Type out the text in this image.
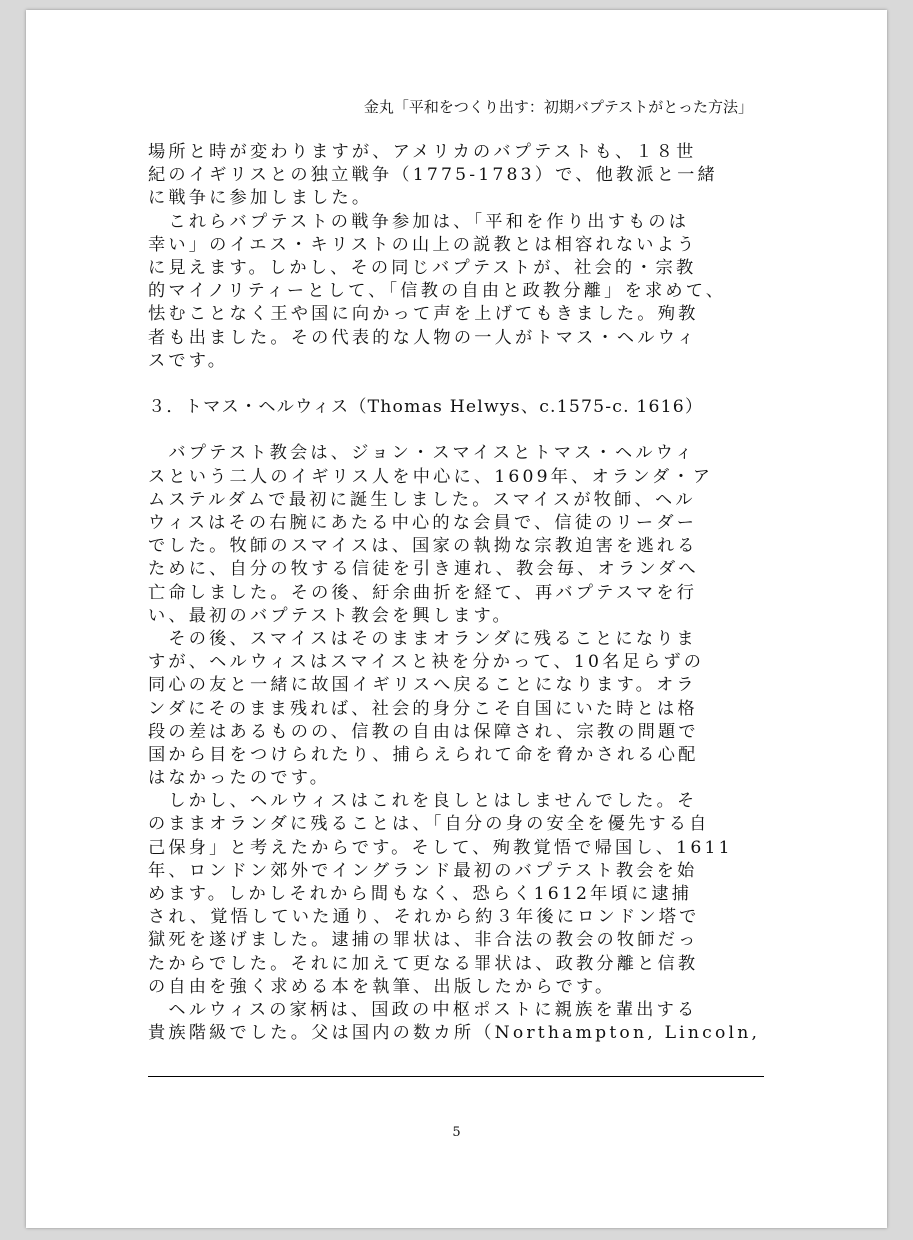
金丸「平和をつくり出す：初期バプテストがとった方法」
場所と時が変わりますが、アメリカのバプテストも、１８世
紀のイギリスとの独立戦争（1775‐1783）で、他教派と一緒
に戦争に参加しました。
　これらバプテストの戦争参加は、「平和を作り出すものは
幸い」のイエス・キリストの山上の説教とは相容れないよう
に見えます。しかし、その同じバプテストが、社会的・宗教
的マイノリティーとして、「信教の自由と政教分離」を求めて、
怯むことなく王や国に向かって声を上げてもきました。殉教
者も出ました。その代表的な人物の一人がトマス・ヘルウィ
スです。
３．トマス・ヘルウィス（Thomas Helwys、c.1575-c. 1616）
　バプテスト教会は、ジョン・スマイスとトマス・ヘルウィ
スという二人のイギリス人を中心に、1609年、オランダ・ア
ムステルダムで最初に誕生しました。スマイスが牧師、ヘル
ウィスはその右腕にあたる中心的な会員で、信徒のリーダー
でした。牧師のスマイスは、国家の執拗な宗教迫害を逃れる
ために、自分の牧する信徒を引き連れ、教会毎、オランダへ
亡命しました。その後、紆余曲折を経て、再バプテスマを行
い、最初のバプテスト教会を興します。
　その後、スマイスはそのままオランダに残ることになりま
すが、ヘルウィスはスマイスと袂を分かって、10名足らずの
同心の友と一緒に故国イギリスへ戻ることになります。オラ
ンダにそのまま残れば、社会的身分こそ自国にいた時とは格
段の差はあるものの、信教の自由は保障され、宗教の問題で
国から目をつけられたり、捕らえられて命を脅かされる心配
はなかったのです。
　しかし、ヘルウィスはこれを良しとはしませんでした。そ
のままオランダに残ることは、「自分の身の安全を優先する自
己保身」と考えたからです。そして、殉教覚悟で帰国し、1611
年、ロンドン郊外でイングランド最初のバプテスト教会を始
めます。しかしそれから間もなく、恐らく1612年頃に逮捕
され、覚悟していた通り、それから約３年後にロンドン塔で
獄死を遂げました。逮捕の罪状は、非合法の教会の牧師だっ
たからでした。それに加えて更なる罪状は、政教分離と信教
の自由を強く求める本を執筆、出版したからです。
　ヘルウィスの家柄は、国政の中枢ポストに親族を輩出する
貴族階級でした。父は国内の数カ所（Northampton, Lincoln,
5
